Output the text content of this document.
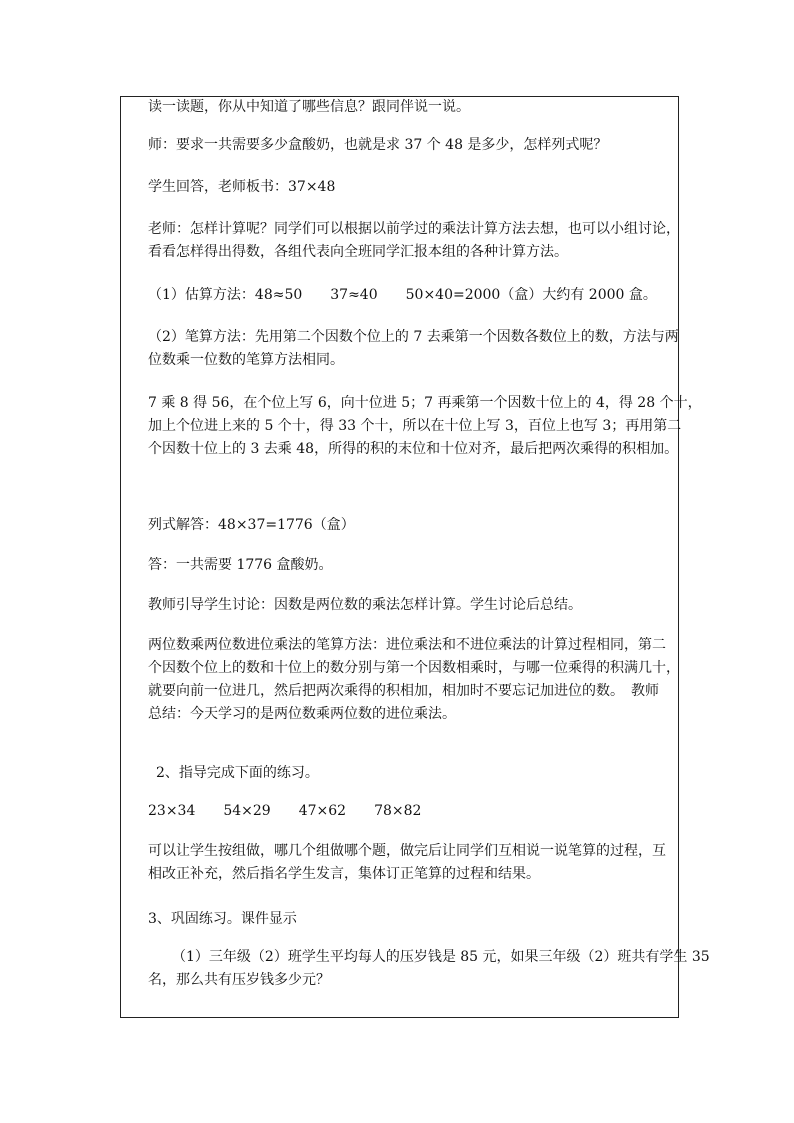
读一读题，你从中知道了哪些信息？跟同伴说一说。
师：要求一共需要多少盒酸奶，也就是求 37 个 48 是多少，怎样列式呢？
学生回答，老师板书：37×48
老师：怎样计算呢？同学们可以根据以前学过的乘法计算方法去想，也可以小组讨论，
看看怎样得出得数，各组代表向全班同学汇报本组的各种计算方法。
（1）估算方法：48≈50　　37≈40　　50×40=2000（盒）大约有 2000 盒。
（2）笔算方法：先用第二个因数个位上的 7 去乘第一个因数各数位上的数，方法与两
位数乘一位数的笔算方法相同。
7 乘 8 得 56，在个位上写 6，向十位进 5；7 再乘第一个因数十位上的 4，得 28 个十，
加上个位进上来的 5 个十，得 33 个十，所以在十位上写 3，百位上也写 3；再用第二
个因数十位上的 3 去乘 48，所得的积的末位和十位对齐，最后把两次乘得的积相加。
列式解答：48×37=1776（盒）
答：一共需要 1776 盒酸奶。
教师引导学生讨论：因数是两位数的乘法怎样计算。学生讨论后总结。
两位数乘两位数进位乘法的笔算方法：进位乘法和不进位乘法的计算过程相同，第二
个因数个位上的数和十位上的数分别与第一个因数相乘时，与哪一位乘得的积满几十，
就要向前一位进几，然后把两次乘得的积相加，相加时不要忘记加进位的数。　教师
总结：今天学习的是两位数乘两位数的进位乘法。
2、指导完成下面的练习。
23×34　　54×29　　47×62　　78×82
可以让学生按组做，哪几个组做哪个题，做完后让同学们互相说一说笔算的过程，互
相改正补充，然后指名学生发言，集体订正笔算的过程和结果。
3、巩固练习。课件显示
（1）三年级（2）班学生平均每人的压岁钱是 85 元，如果三年级（2）班共有学生 35
名，那么共有压岁钱多少元？
